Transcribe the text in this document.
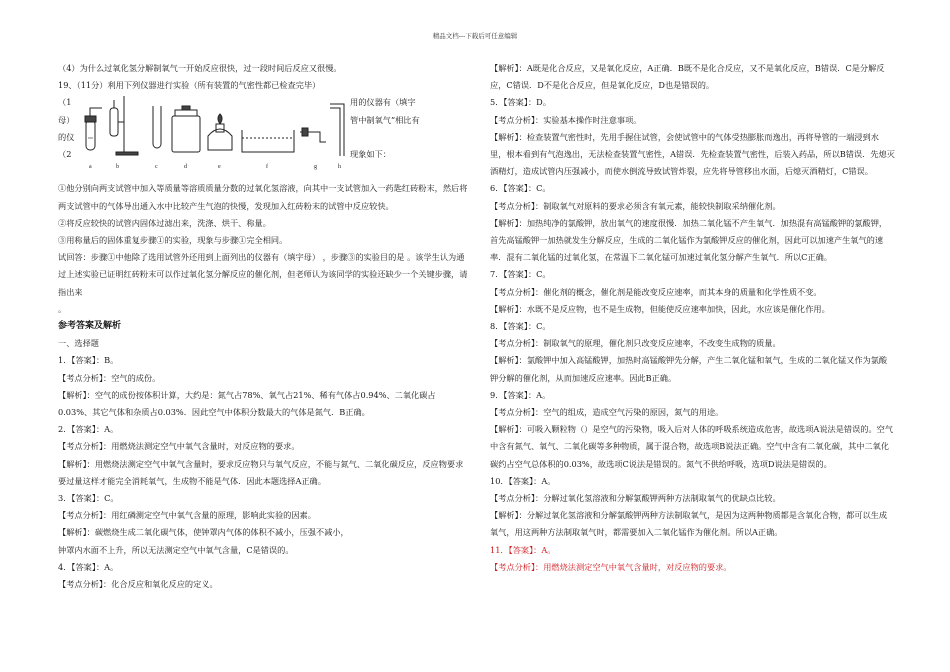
精品文档---下载后可任意编辑

（4）为什么过氧化氢分解制氧气一开始反应很快，过一段时间后反应又很慢。

19、（11分）利用下列仪器进行实验（所有装置的气密性都已检查完毕）

（1
母）
的仪
（2
a	b	c	d	e	f	g	h
用的仪器有（填字
管中制氧气”相比有
现象如下：

①他分别向两支试管中加入等质量等溶质质量分数的过氧化氢溶液，向其中一支试管加入一药匙红砖粉末，然后将两支试管中的气体导出通入水中比较产生气泡的快慢，发现加入红砖粉末的试管中反应较快。

②将反应较快的试管内固体过滤出来，洗涤、烘干、称量。

③用称量后的固体重复步骤①的实验，现象与步骤①完全相同。

试回答：步骤①中他除了选用试管外还用到上面列出的仪器有（填字母） ，步骤③的实验目的是 。该学生认为通过上述实验已证明红砖粉末可以作过氧化氢分解反应的催化剂，但老师认为该同学的实验还缺少一个关键步骤，请指出来

。

参考答案及解析

一、选择题

1．【答案】：B。

【考点分析】：空气的成份。

【解析】：空气的成份按体积计算，大约是：氮气占78%、氧气占21%、稀有气体占0.94%、二氧化碳占0.03%、其它气体和杂质占0.03%．因此空气中体积分数最大的气体是氮气．B正确。

2．【答案】：A。

【考点分析】：用燃烧法测定空气中氧气含量时，对反应物的要求。

【解析】：用燃烧法测定空气中氧气含量时，要求反应物只与氧气反应，不能与氮气、二氧化碳反应，反应物要求要过量这样才能完全消耗氧气，生成物不能是气体．因此本题选择A正确。

3．【答案】：C。

【考点分析】：用红磷测定空气中氧气含量的原理，影响此实验的因素。

【解析】：碳燃烧生成二氧化碳气体，使钟罩内气体的体积不减小，压强不减小，

钟罩内水面不上升，所以无法测定空气中氧气含量，C是错误的。

4．【答案】：A。

【考点分析】：化合反应和氧化反应的定义。

【解析】：A既是化合反应，又是氧化反应，A正确．B既不是化合反应，又不是氧化反应，B错误．C是分解反应，C错误．D不是化合反应，但是氧化反应，D也是错误的。

5．【答案】：D。

【考点分析】：实验基本操作时注意事项。

【解析】：检查装置气密性时，先用手握住试管，会使试管中的气体受热膨胀而逸出，再将导管的一端浸到水里，根本看到有气泡逸出，无法检查装置气密性，A错误．先检查装置气密性，后装入药品，所以B错误．先熄灭酒精灯，造成试管内压强减小，而使水倒流导致试管炸裂，应先将导管移出水面，后熄灭酒精灯，C错误。

6．【答案】：C。

【考点分析】：制取氧气对原料的要求必须含有氧元素，能较快制取采纳催化剂。

【解析】：加热纯净的氯酸钾，放出氧气的速度很慢．加热二氧化锰不产生氧气．加热混有高锰酸钾的氯酸钾，首先高锰酸钾一加热就发生分解反应，生成的二氧化锰作为氯酸钾反应的催化剂，因此可以加速产生氧气的速率．混有二氧化锰的过氧化氢，在常温下二氧化锰可加速过氧化氢分解产生氧气．所以C正确。

7．【答案】：C。

【考点分析】：催化剂的概念，催化剂是能改变反应速率，而其本身的质量和化学性质不变。

【解析】：水既不是反应物，也不是生成物，但能使反应速率加快，因此，水应该是催化作用。

8．【答案】：C。

【考点分析】：制取氧气的原理，催化剂只改变反应速率，不改变生成物的质量。

【解析】：氯酸钾中加入高锰酸钾，加热时高锰酸钾先分解，产生二氧化锰和氧气，生成的二氧化锰又作为氯酸钾分解的催化剂，从而加速反应速率。因此B正确。

9．【答案】：A。

【考点分析】：空气的组成，造成空气污染的原因，氮气的用途。

【解析】：可吸入颗粒物（）是空气的污染物，吸入后对人体的呼吸系统造成危害，故选项A说法是错误的。空气中含有氮气、氧气、二氧化碳等多种物质，属于混合物，故选项B说法正确。空气中含有二氧化碳，其中二氧化碳约占空气总体积的0.03%，故选项C说法是错误的。氮气不供给呼吸，选项D说法是错误的。

10．【答案】：A。

【考点分析】：分解过氧化氢溶液和分解氯酸钾两种方法制取氧气的优缺点比较。

【解析】：分解过氧化氢溶液和分解氯酸钾两种方法制取氧气，是因为这两种物质都是含氧化合物，都可以生成氧气，用这两种方法制取氧气时，都需要加入二氧化锰作为催化剂。所以A正确。

11．【答案】：A。

【考点分析】：用燃烧法测定空气中氧气含量时，对反应物的要求。
